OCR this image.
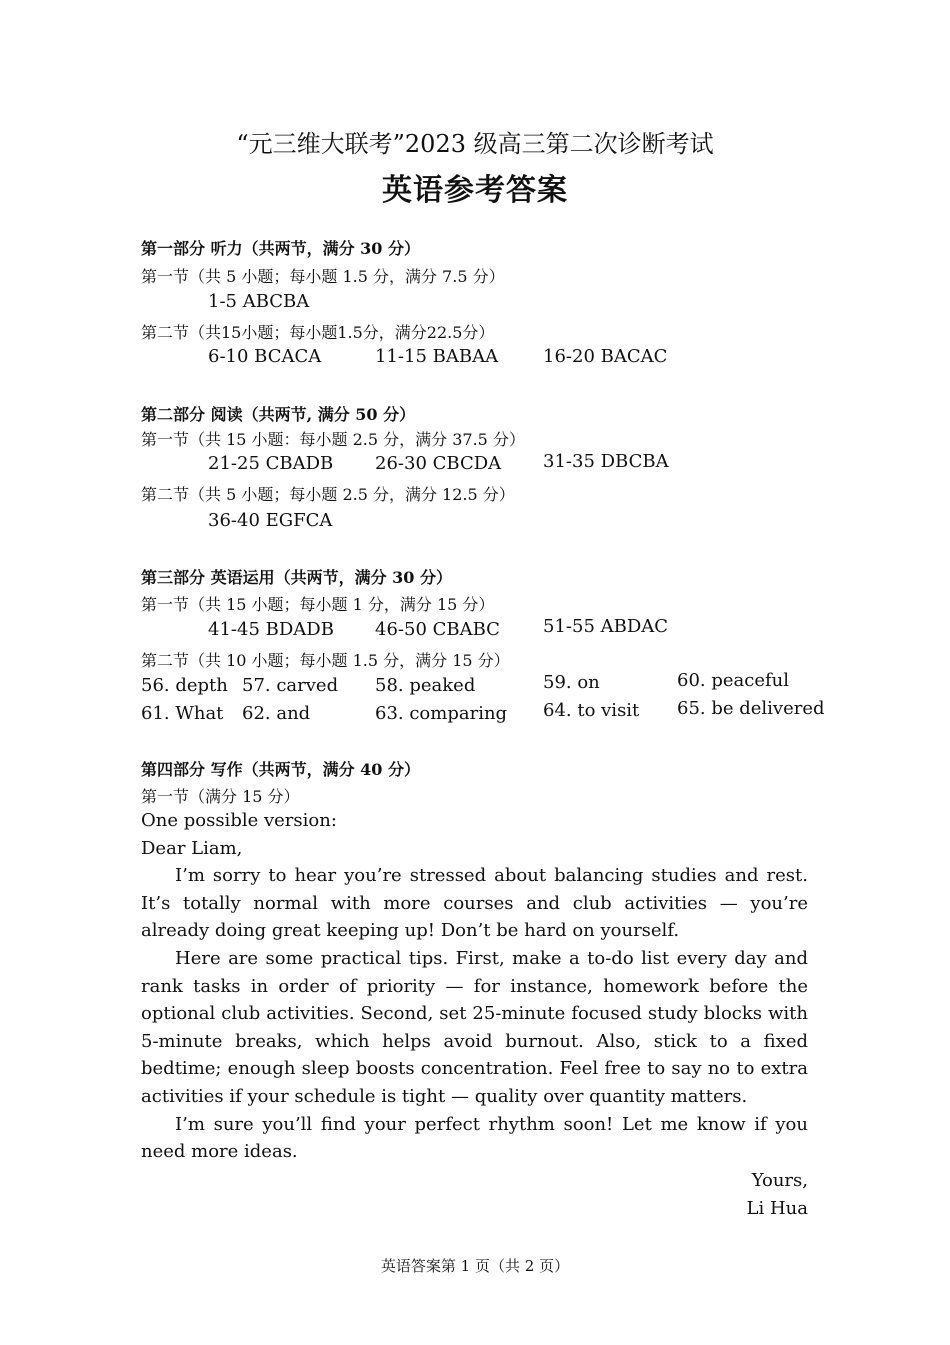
“元三维大联考”2023 级高三第二次诊断考试
英语参考答案
第一部分 听力（共两节，满分 30 分）
第一节（共 5 小题；每小题 1.5 分，满分 7.5 分）
1-5 ABCBA
第二节（共15小题；每小题1.5分，满分22.5分）
6-10 BCACA	11-15 BABAA 16-20 BACAC
第二部分 阅读（共两节, 满分 50 分）
第一节（共 15 小题：每小题 2.5 分，满分 37.5 分）
21-25 CBADB 26-30 CBCDA 31-35 DBCBA
第二节（共 5 小题；每小题 2.5 分，满分 12.5 分）
36-40 EGFCA
第三部分 英语运用（共两节，满分 30 分）
第一节（共 15 小题；每小题 1 分，满分 15 分）
41-45 BDADB 46-50 CBABC 51-55 ABDAC
第二节（共 10 小题；每小题 1.5 分，满分 15 分）
56. depth 57. carved 58. peaked	59. on	60. peaceful
61. What 62. and	63. comparing 64. to visit 65. be delivered
第四部分 写作（共两节，满分 40 分）
第一节（满分 15 分）

One possible version:

Dear Liam,

I’m sorry to hear you’re stressed about balancing studies and rest. It’s totally normal with more courses and club activities — you’re already doing great keeping up! Don’t be hard on yourself.

Here are some practical tips. First, make a to-do list every day and rank tasks in order of priority — for instance, homework before the optional club activities. Second, set 25-minute focused study blocks with 5-minute breaks, which helps avoid burnout. Also, stick to a fixed bedtime; enough sleep boosts concentration. Feel free to say no to extra activities if your schedule is tight — quality over quantity matters.

I’m sure you’ll find your perfect rhythm soon! Let me know if you need more ideas.

Yours,
Li Hua
英语答案第 1 页（共 2 页）
